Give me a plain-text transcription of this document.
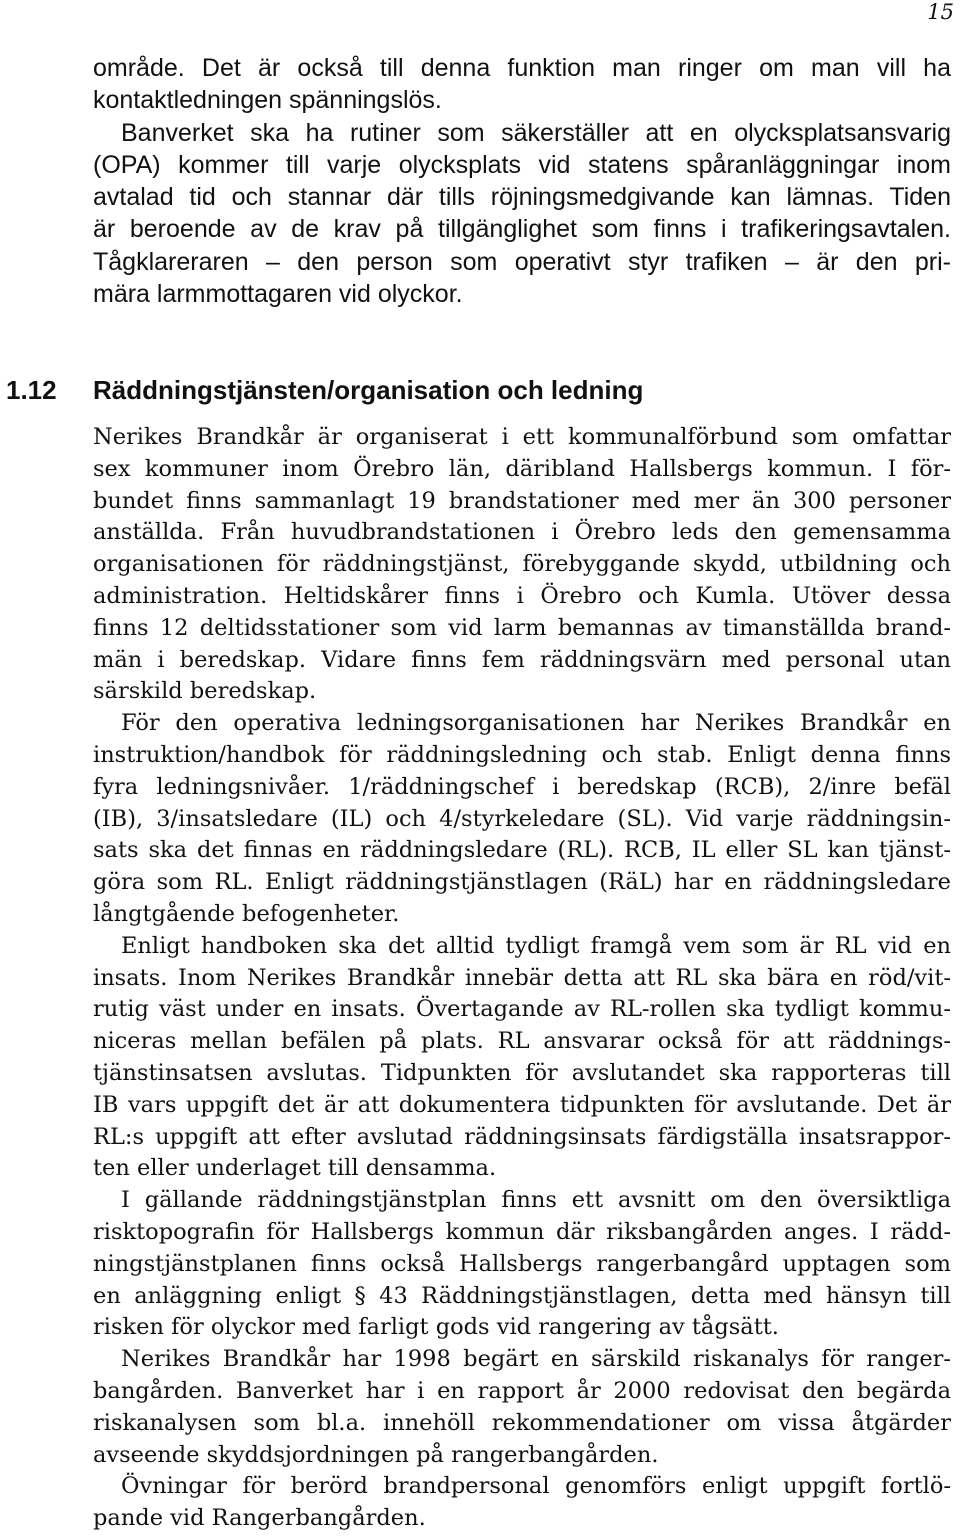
15
område. Det är också till denna funktion man ringer om man vill ha
kontaktledningen spänningslös.
Banverket ska ha rutiner som säkerställer att en olycksplatsansvarig
(OPA) kommer till varje olycksplats vid statens spåranläggningar inom
avtalad tid och stannar där tills röjningsmedgivande kan lämnas. Tiden
är beroende av de krav på tillgänglighet som finns i trafikeringsavtalen.
Tågklareraren – den person som operativt styr trafiken – är den pri-
mära larmmottagaren vid olyckor.
1.12 Räddningstjänsten/organisation och ledning
Nerikes Brandkår är organiserat i ett kommunalförbund som omfattar
sex kommuner inom Örebro län, däribland Hallsbergs kommun. I för-
bundet finns sammanlagt 19 brandstationer med mer än 300 personer
anställda. Från huvudbrandstationen i Örebro leds den gemensamma
organisationen för räddningstjänst, förebyggande skydd, utbildning och
administration. Heltidskårer finns i Örebro och Kumla. Utöver dessa
finns 12 deltidsstationer som vid larm bemannas av timanställda brand-
män i beredskap. Vidare finns fem räddningsvärn med personal utan
särskild beredskap.
För den operativa ledningsorganisationen har Nerikes Brandkår en
instruktion/handbok för räddningsledning och stab. Enligt denna finns
fyra ledningsnivåer. 1/räddningschef i beredskap (RCB), 2/inre befäl
(IB), 3/insatsledare (IL) och 4/styrkeledare (SL). Vid varje räddningsin-
sats ska det finnas en räddningsledare (RL). RCB, IL eller SL kan tjänst-
göra som RL. Enligt räddningstjänstlagen (RäL) har en räddningsledare
långtgående befogenheter.
Enligt handboken ska det alltid tydligt framgå vem som är RL vid en
insats. Inom Nerikes Brandkår innebär detta att RL ska bära en röd/vit-
rutig väst under en insats. Övertagande av RL-rollen ska tydligt kommu-
niceras mellan befälen på plats. RL ansvarar också för att räddnings-
tjänstinsatsen avslutas. Tidpunkten för avslutandet ska rapporteras till
IB vars uppgift det är att dokumentera tidpunkten för avslutande. Det är
RL:s uppgift att efter avslutad räddningsinsats färdigställa insatsrappor-
ten eller underlaget till densamma.
I gällande räddningstjänstplan finns ett avsnitt om den översiktliga
risktopografin för Hallsbergs kommun där riksbangården anges. I rädd-
ningstjänstplanen finns också Hallsbergs rangerbangård upptagen som
en anläggning enligt § 43 Räddningstjänstlagen, detta med hänsyn till
risken för olyckor med farligt gods vid rangering av tågsätt.
Nerikes Brandkår har 1998 begärt en särskild riskanalys för ranger-
bangården. Banverket har i en rapport år 2000 redovisat den begärda
riskanalysen som bl.a. innehöll rekommendationer om vissa åtgärder
avseende skyddsjordningen på rangerbangården.
Övningar för berörd brandpersonal genomförs enligt uppgift fortlö-
pande vid Rangerbangården.
